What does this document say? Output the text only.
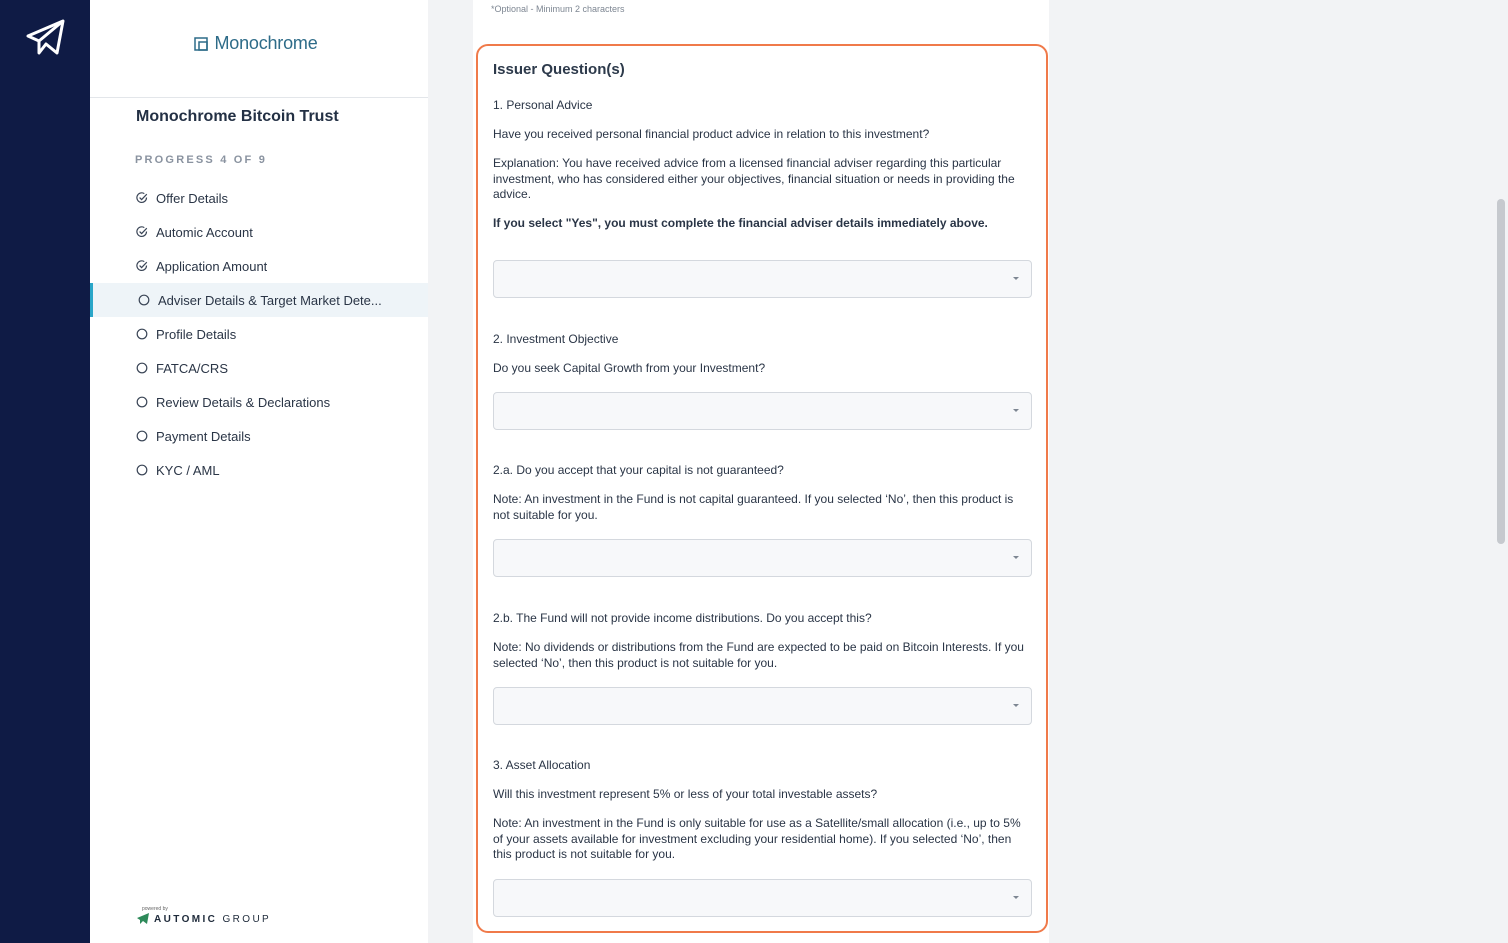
Monochrome
Monochrome Bitcoin Trust
PROGRESS 4 OF 9
Offer Details
Automic Account
Application Amount
Adviser Details & Target Market Dete...
Profile Details
FATCA/CRS
Review Details & Declarations
Payment Details
KYC / AML
powered by
AUTOMIC GROUP
*Optional - Minimum 2 characters
Issuer Question(s)
1. Personal Advice
Have you received personal financial product advice in relation to this investment?
Explanation: You have received advice from a licensed financial adviser regarding this particular investment, who has considered either your objectives, financial situation or needs in providing the advice.
If you select "Yes", you must complete the financial adviser details immediately above.
2. Investment Objective
Do you seek Capital Growth from your Investment?
2.a. Do you accept that your capital is not guaranteed?
Note: An investment in the Fund is not capital guaranteed. If you selected ‘No’, then this product is not suitable for you.
2.b. The Fund will not provide income distributions. Do you accept this?
Note: No dividends or distributions from the Fund are expected to be paid on Bitcoin Interests. If you selected ‘No’, then this product is not suitable for you.
3. Asset Allocation
Will this investment represent 5% or less of your total investable assets?
Note: An investment in the Fund is only suitable for use as a Satellite/small allocation (i.e., up to 5% of your assets available for investment excluding your residential home). If you selected ‘No’, then this product is not suitable for you.
